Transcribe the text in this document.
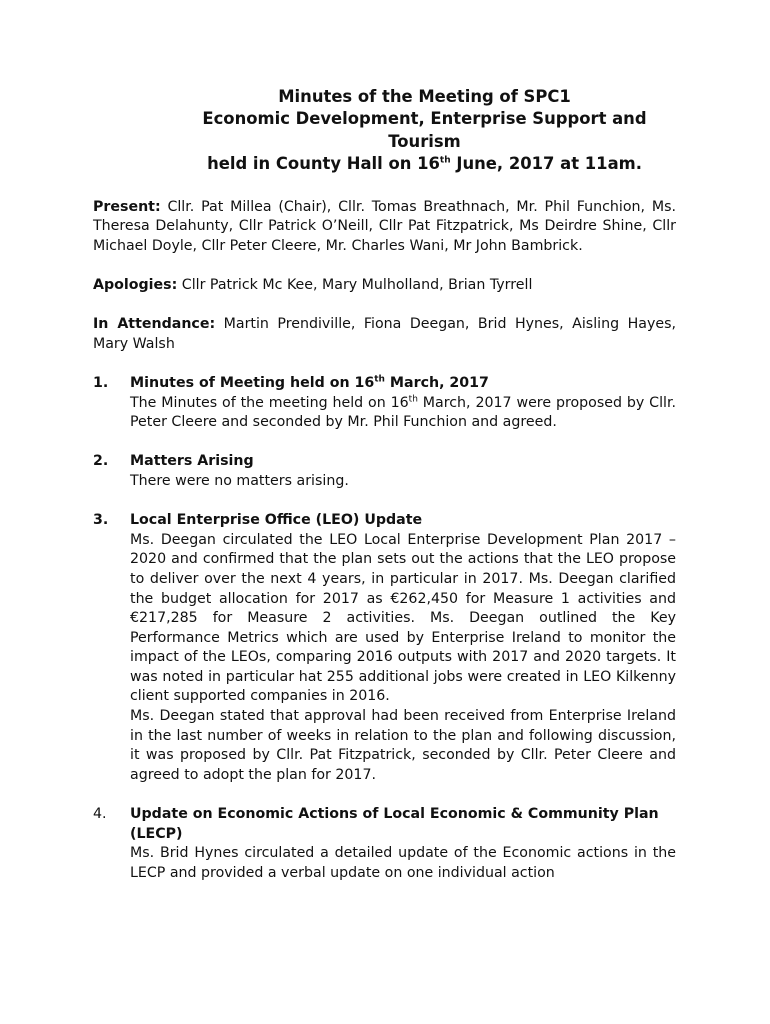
Minutes of the Meeting of SPC1
Economic Development, Enterprise Support and Tourism
held in County Hall on 16th June, 2017 at 11am.

Present: Cllr. Pat Millea (Chair), Cllr. Tomas Breathnach, Mr. Phil Funchion, Ms. Theresa Delahunty, Cllr Patrick O’Neill, Cllr Pat Fitzpatrick, Ms Deirdre Shine, Cllr Michael Doyle, Cllr Peter Cleere, Mr. Charles Wani, Mr John Bambrick.

Apologies: Cllr Patrick Mc Kee, Mary Mulholland, Brian Tyrrell

In Attendance: Martin Prendiville, Fiona Deegan, Brid Hynes, Aisling Hayes, Mary Walsh

1. Minutes of Meeting held on 16th March, 2017
The Minutes of the meeting held on 16th March, 2017 were proposed by Cllr. Peter Cleere and seconded by Mr. Phil Funchion and agreed.
2. Matters Arising
There were no matters arising.
3. Local Enterprise Office (LEO) Update
Ms. Deegan circulated the LEO Local Enterprise Development Plan 2017 – 2020 and confirmed that the plan sets out the actions that the LEO propose to deliver over the next 4 years, in particular in 2017. Ms. Deegan clarified the budget allocation for 2017 as €262,450 for Measure 1 activities and €217,285 for Measure 2 activities. Ms. Deegan outlined the Key Performance Metrics which are used by Enterprise Ireland to monitor the impact of the LEOs, comparing 2016 outputs with 2017 and 2020 targets. It was noted in particular hat 255 additional jobs were created in LEO Kilkenny client supported companies in 2016.
Ms. Deegan stated that approval had been received from Enterprise Ireland in the last number of weeks in relation to the plan and following discussion, it was proposed by Cllr. Pat Fitzpatrick, seconded by Cllr. Peter Cleere and agreed to adopt the plan for 2017.
4. Update on Economic Actions of Local Economic & Community Plan (LECP)
Ms. Brid Hynes circulated a detailed update of the Economic actions in the LECP and provided a verbal update on one individual action
